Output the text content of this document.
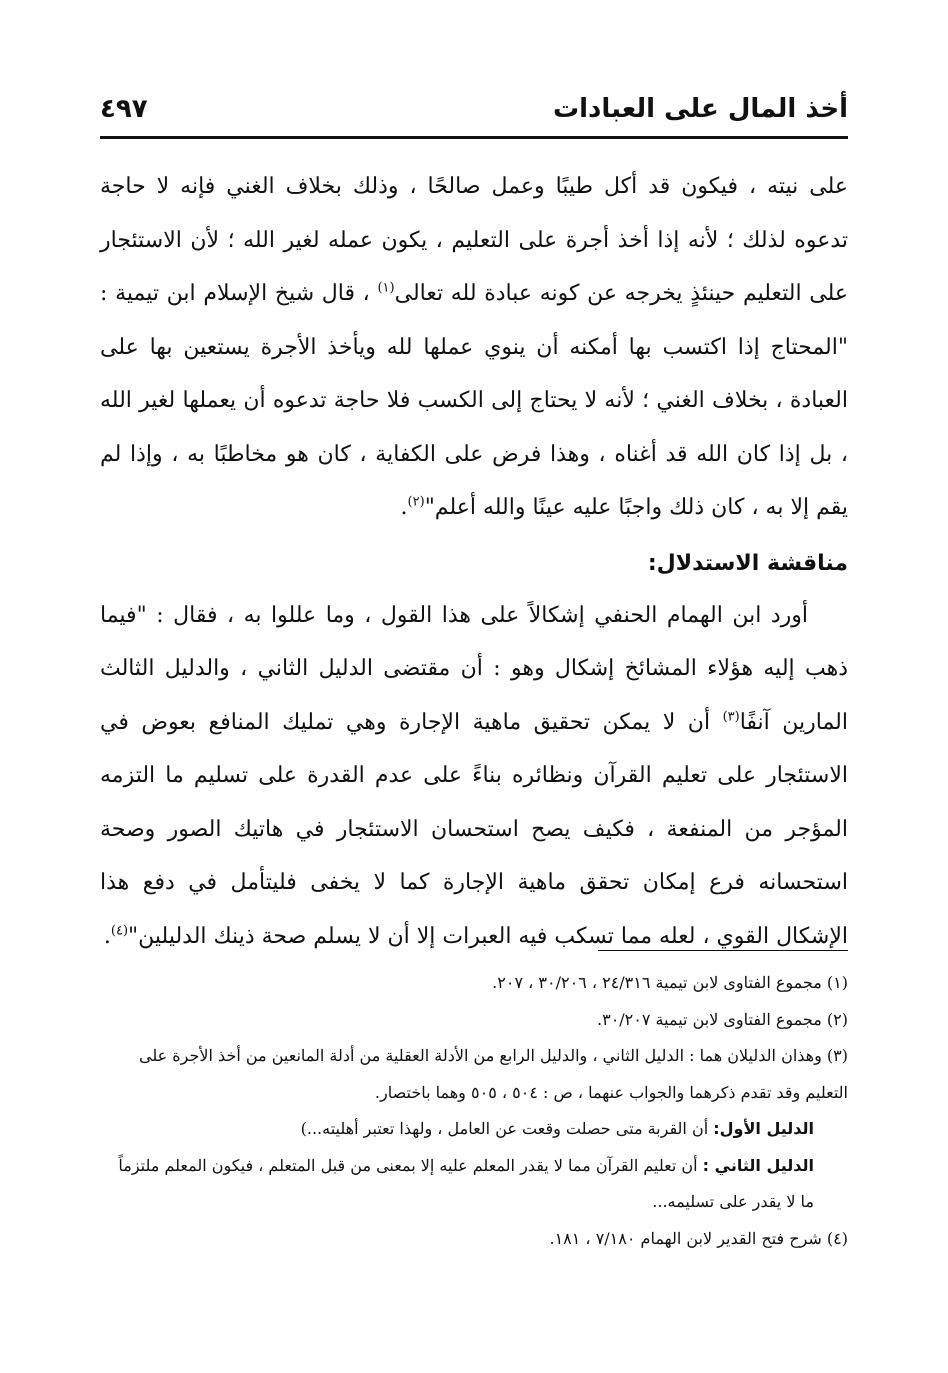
أخذ المال على العبادات
٤٩٧

على نيته ، فيكون قد أكل طيبًا وعمل صالحًا ، وذلك بخلاف الغني فإنه لا حاجة تدعوه لذلك ؛ لأنه إذا أخذ أجرة على التعليم ، يكون عمله لغير الله ؛ لأن الاستئجار على التعليم حينئذٍ يخرجه عن كونه عبادة لله تعالى$^{(١)}$ ، قال شيخ الإسلام ابن تيمية : "المحتاج إذا اكتسب بها أمكنه أن ينوي عملها لله ويأخذ الأجرة يستعين بها على العبادة ، بخلاف الغني ؛ لأنه لا يحتاج إلى الكسب فلا حاجة تدعوه أن يعملها لغير الله ، بل إذا كان الله قد أغناه ، وهذا فرض على الكفاية ، كان هو مخاطبًا به ، وإذا لم يقم إلا به ، كان ذلك واجبًا عليه عينًا والله أعلم"$^{(٢)}$.

مناقشة الاستدلال:

أورد ابن الهمام الحنفي إشكالاً على هذا القول ، وما عللوا به ، فقال : "فيما ذهب إليه هؤلاء المشائخ إشكال وهو : أن مقتضى الدليل الثاني ، والدليل الثالث المارين آنفًا$^{(٣)}$ أن لا يمكن تحقيق ماهية الإجارة وهي تمليك المنافع بعوض في الاستئجار على تعليم القرآن ونظائره بناءً على عدم القدرة على تسليم ما التزمه المؤجر من المنفعة ، فكيف يصح استحسان الاستئجار في هاتيك الصور وصحة استحسانه فرع إمكان تحقق ماهية الإجارة كما لا يخفى فليتأمل في دفع هذا الإشكال القوي ، لعله مما تسكب فيه العبرات إلا أن لا يسلم صحة ذينك الدليلين"$^{(٤)}$.

(١) مجموع الفتاوى لابن تيمية ٢٤/٣١٦ ، ٣٠/٢٠٦ ، ٢٠٧.

(٢) مجموع الفتاوى لابن تيمية ٣٠/٢٠٧.

(٣) وهذان الدليلان هما : الدليل الثاني ، والدليل الرابع من الأدلة العقلية من أدلة المانعين من أخذ الأجرة على التعليم وقد تقدم ذكرهما والجواب عنهما ، ص : ٥٠٤ ، ٥٠٥ وهما باختصار.

الدليل الأول: أن القربة متى حصلت وقعت عن العامل ، ولهذا تعتبر أهليته...)

الدليل الثاني : أن تعليم القرآن مما لا يقدر المعلم عليه إلا بمعنى من قبل المتعلم ، فيكون المعلم ملتزماً ما لا يقدر على تسليمه...

(٤) شرح فتح القدير لابن الهمام ٧/١٨٠ ، ١٨١.
